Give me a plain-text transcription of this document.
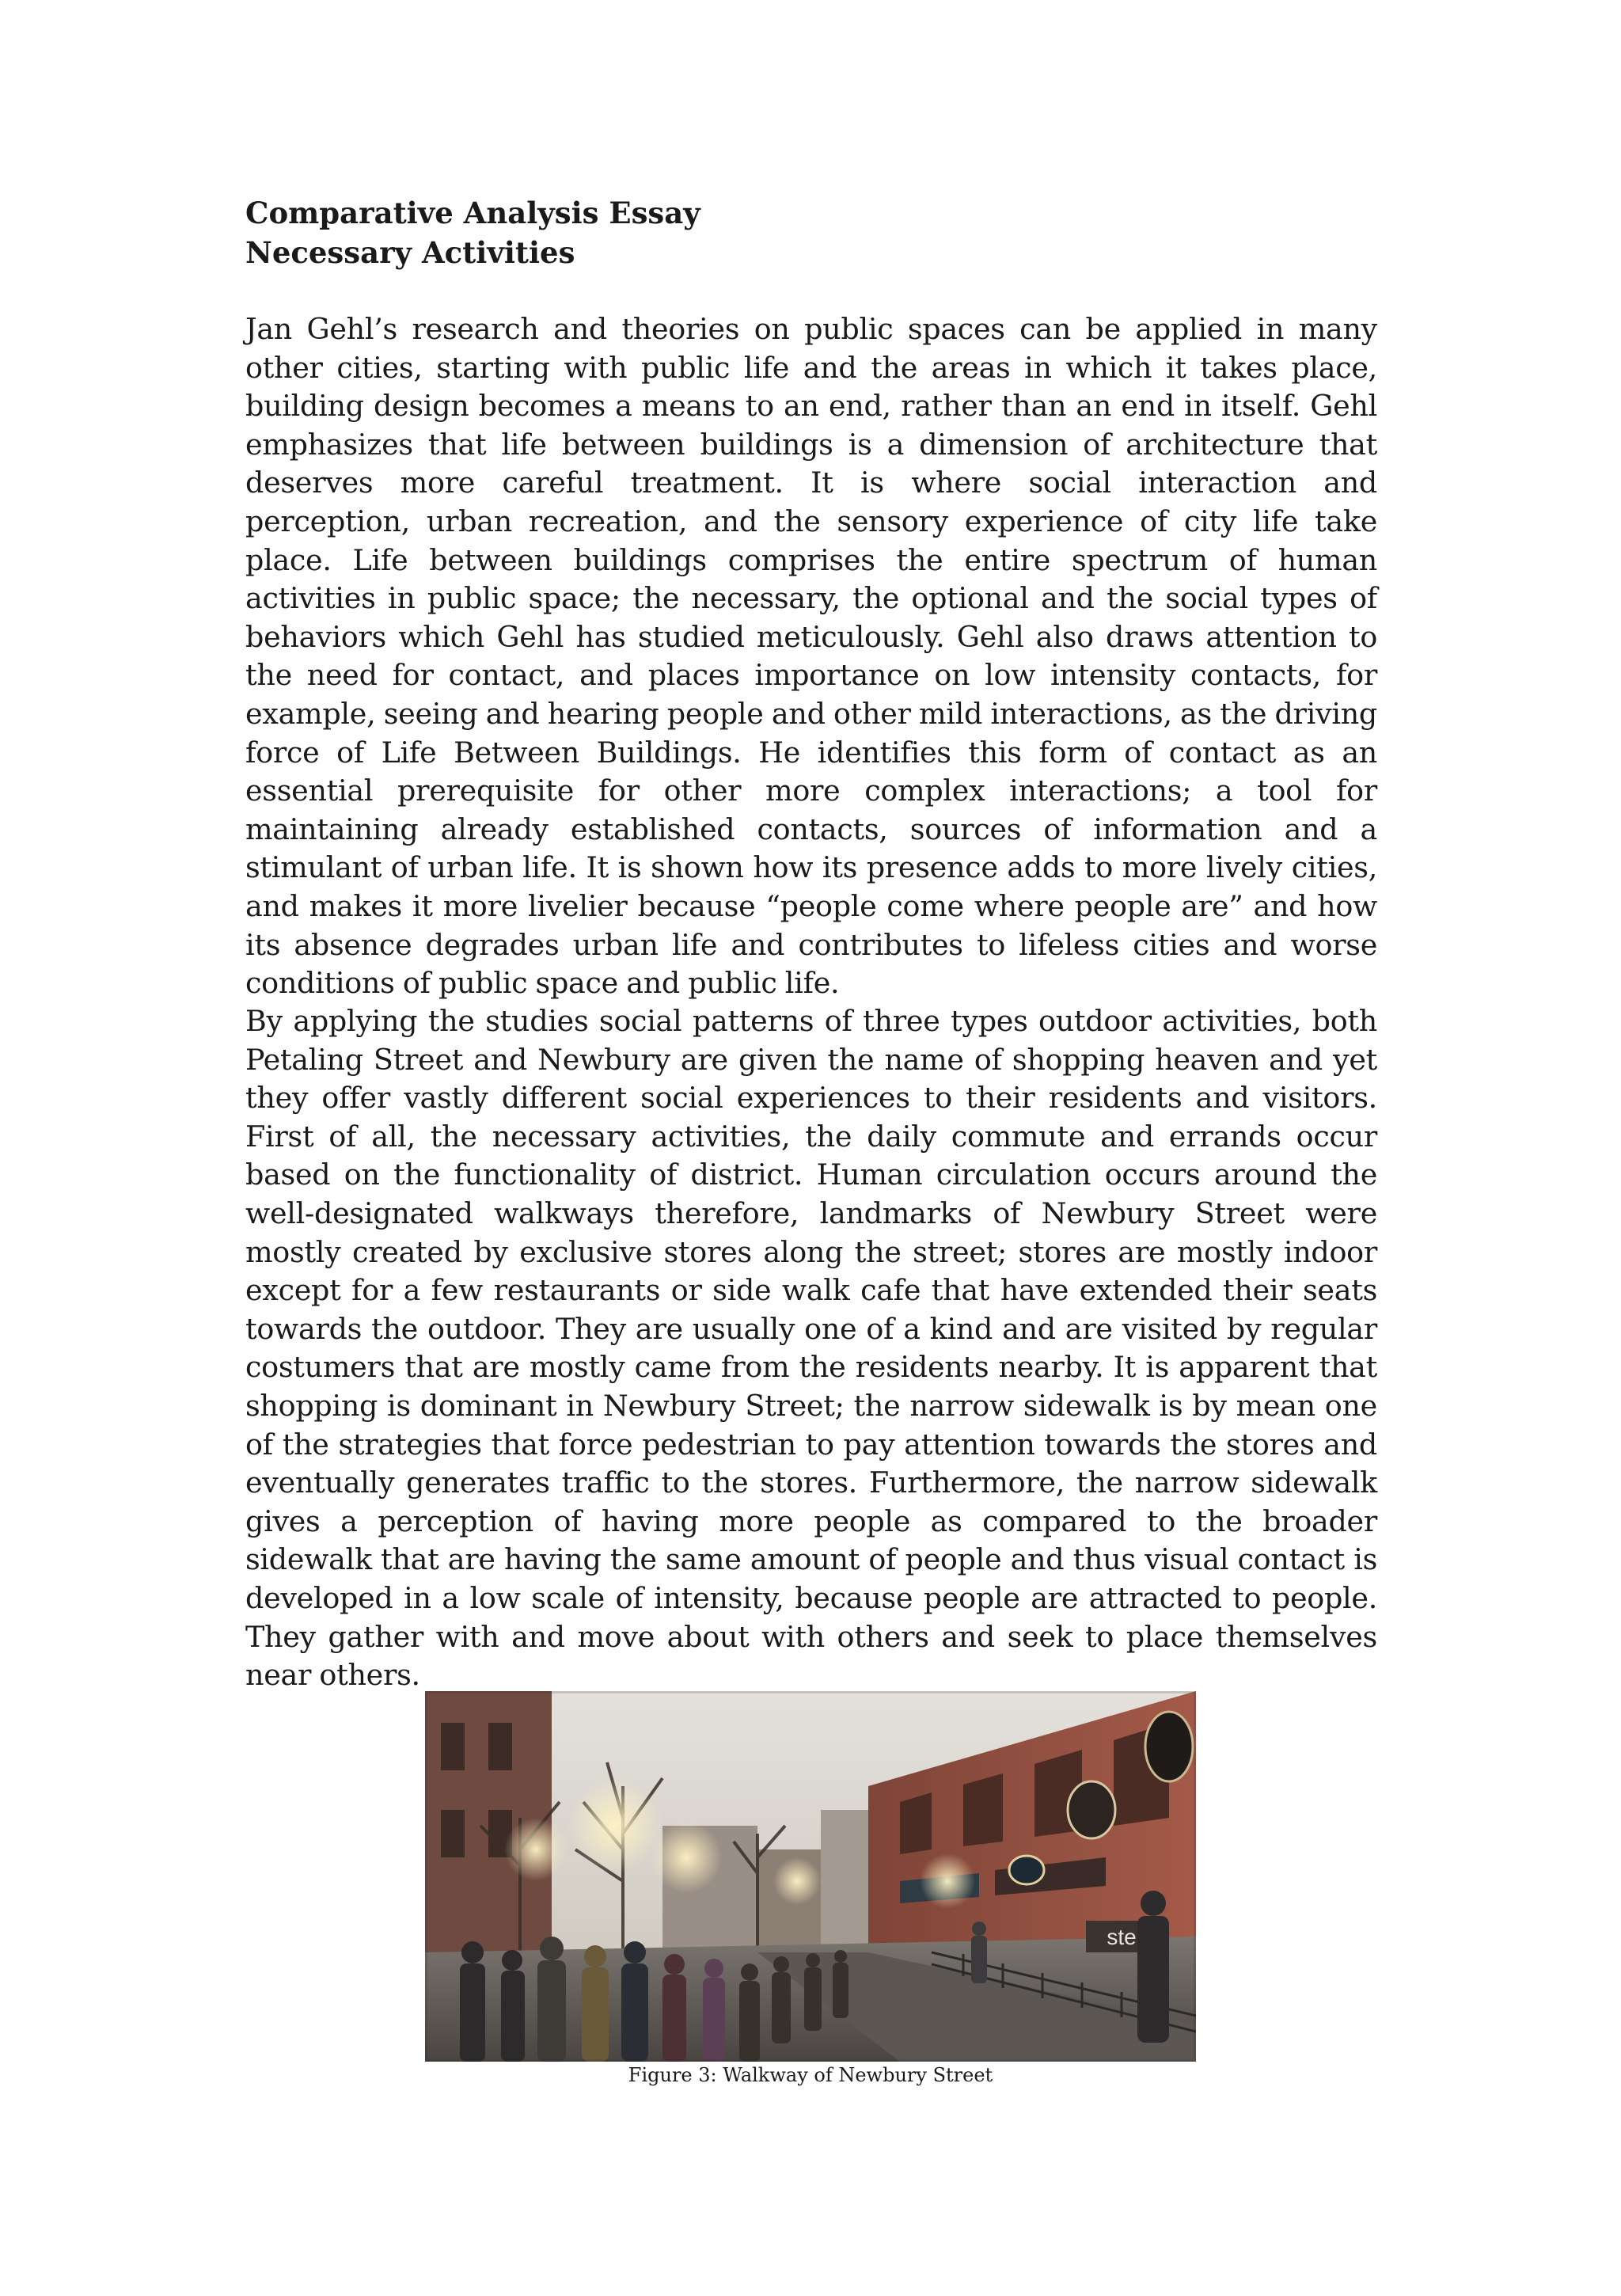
Comparative Analysis Essay
Necessary Activities

Jan Gehl’s research and theories on public spaces can be applied in many other cities, starting with public life and the areas in which it takes place, building design becomes a means to an end, rather than an end in itself. Gehl emphasizes that life between buildings is a dimension of architecture that deserves more careful treatment. It is where social interaction and perception, urban recreation, and the sensory experience of city life take place. Life between buildings comprises the entire spectrum of human activities in public space; the necessary, the optional and the social types of behaviors which Gehl has studied meticulously. Gehl also draws attention to the need for contact, and places importance on low intensity contacts, for example, seeing and hearing people and other mild interactions, as the driving force of Life Between Buildings. He identifies this form of contact as an essential prerequisite for other more complex interactions; a tool for maintaining already established contacts, sources of information and a stimulant of urban life. It is shown how its presence adds to more lively cities, and makes it more livelier because “people come where people are” and how its absence degrades urban life and contributes to lifeless cities and worse conditions of public space and public life.

By applying the studies social patterns of three types outdoor activities, both Petaling Street and Newbury are given the name of shopping heaven and yet they offer vastly different social experiences to their residents and visitors. First of all, the necessary activities, the daily commute and errands occur based on the functionality of district. Human circulation occurs around the well-designated walkways therefore, landmarks of Newbury Street were mostly created by exclusive stores along the street; stores are mostly indoor except for a few restaurants or side walk cafe that have extended their seats towards the outdoor. They are usually one of a kind and are visited by regular costumers that are mostly came from the residents nearby. It is apparent that shopping is dominant in Newbury Street; the narrow sidewalk is by mean one of the strategies that force pedestrian to pay attention towards the stores and eventually generates traffic to the stores. Furthermore, the narrow sidewalk gives a perception of having more people as compared to the broader sidewalk that are having the same amount of people and thus visual contact is developed in a low scale of intensity, because people are attracted to people. They gather with and move about with others and seek to place themselves near others.

ste
Figure 3: Walkway of Newbury Street
